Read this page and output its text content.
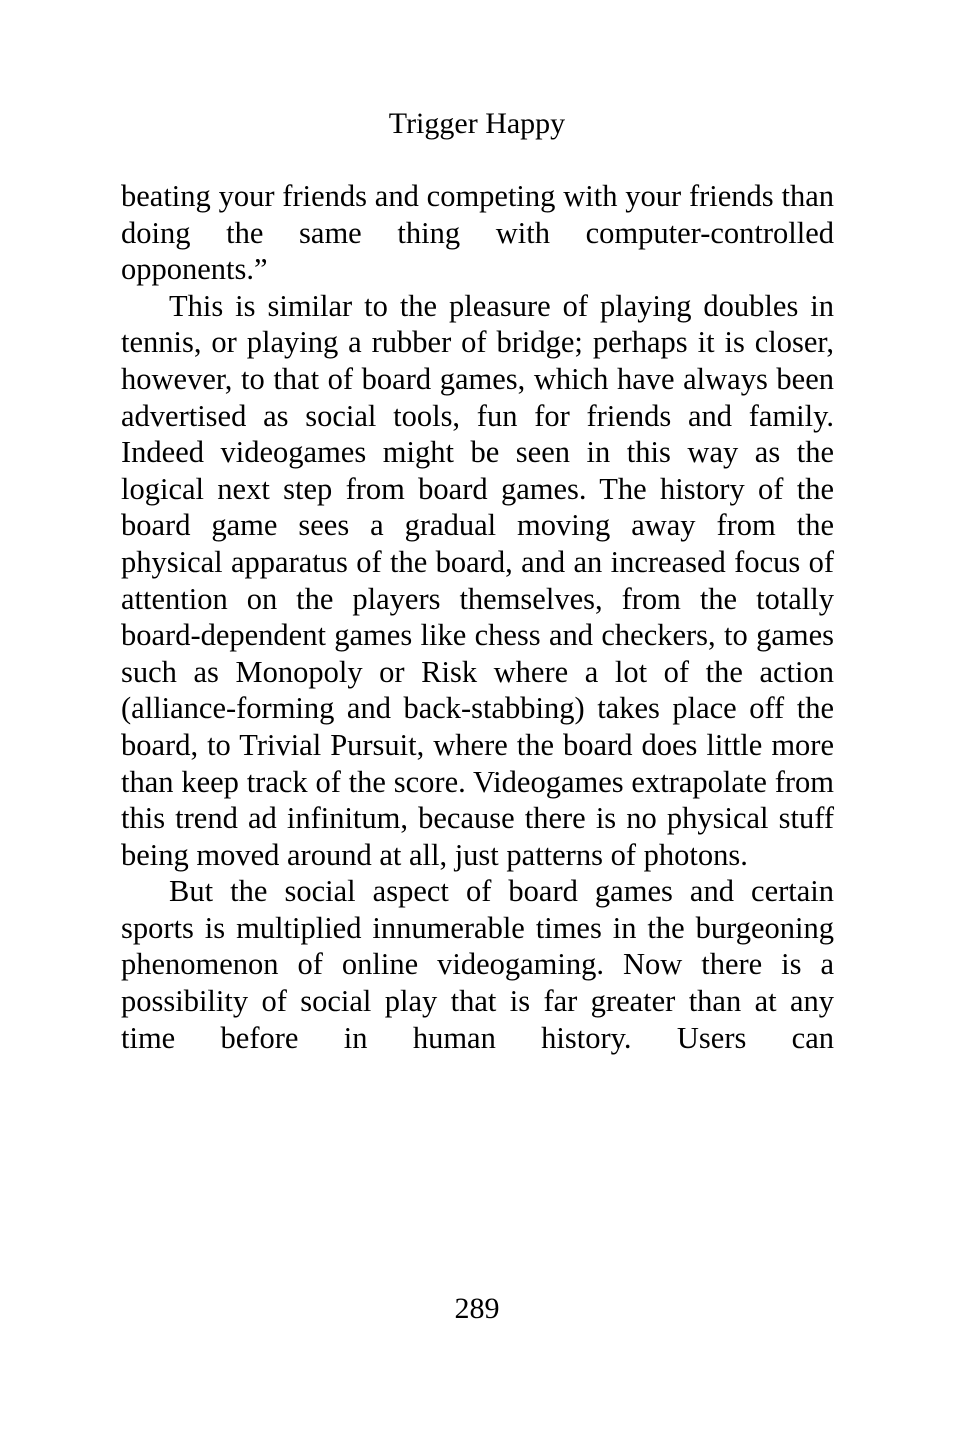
Trigger Happy

beating your friends and competing with your friends than doing the same thing with computer-controlled opponents.”

This is similar to the pleasure of playing doubles in tennis, or playing a rubber of bridge; perhaps it is closer, however, to that of board games, which have always been advertised as social tools, fun for friends and family. Indeed videogames might be seen in this way as the logical next step from board games. The history of the board game sees a gradual moving away from the physical apparatus of the board, and an increased focus of attention on the players themselves, from the totally board-dependent games like chess and checkers, to games such as Monopoly or Risk where a lot of the action (alliance-forming and back-stabbing) takes place off the board, to Trivial Pursuit, where the board does little more than keep track of the score. Videogames extrapolate from this trend ad infinitum, because there is no physical stuff being moved around at all, just patterns of photons.

But the social aspect of board games and certain sports is multiplied innumerable times in the burgeoning phenomenon of online videogaming. Now there is a possibility of social play that is far greater than at any time before in human history. Users can

289
